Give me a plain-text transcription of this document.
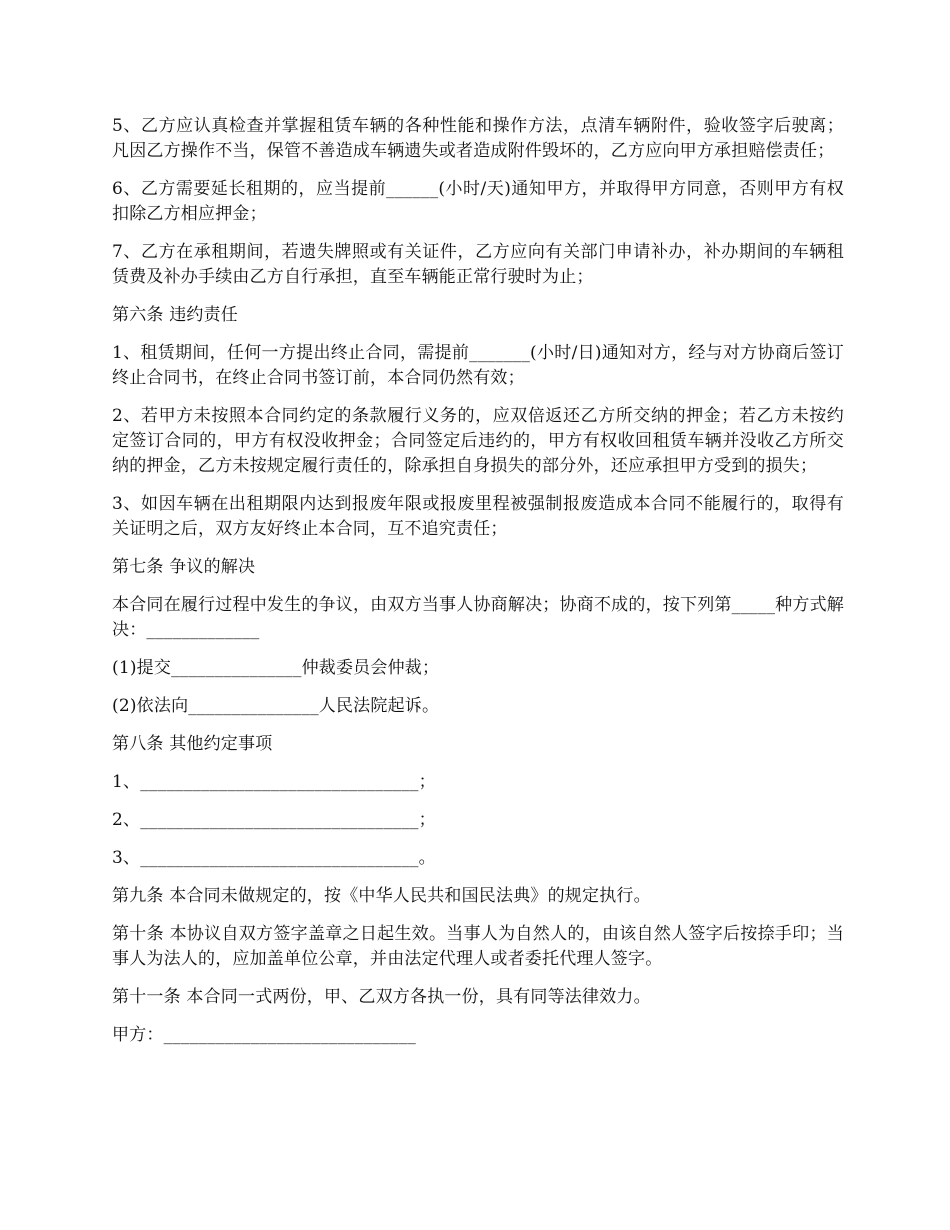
5、乙方应认真检查并掌握租赁车辆的各种性能和操作方法，点清车辆附件，验收签字后驶离；凡因乙方操作不当，保管不善造成车辆遗失或者造成附件毁坏的，乙方应向甲方承担赔偿责任；

6、乙方需要延长租期的，应当提前______(小时/天)通知甲方，并取得甲方同意，否则甲方有权扣除乙方相应押金；

7、乙方在承租期间，若遗失牌照或有关证件，乙方应向有关部门申请补办，补办期间的车辆租赁费及补办手续由乙方自行承担，直至车辆能正常行驶时为止；

第六条 违约责任

1、租赁期间，任何一方提出终止合同，需提前_______(小时/日)通知对方，经与对方协商后签订终止合同书，在终止合同书签订前，本合同仍然有效；

2、若甲方未按照本合同约定的条款履行义务的，应双倍返还乙方所交纳的押金；若乙方未按约定签订合同的，甲方有权没收押金；合同签定后违约的，甲方有权收回租赁车辆并没收乙方所交纳的押金，乙方未按规定履行责任的，除承担自身损失的部分外，还应承担甲方受到的损失；

3、如因车辆在出租期限内达到报废年限或报废里程被强制报废造成本合同不能履行的，取得有关证明之后，双方友好终止本合同，互不追究责任；

第七条 争议的解决

本合同在履行过程中发生的争议，由双方当事人协商解决；协商不成的，按下列第_____种方式解决：_____________

(1)提交_______________仲裁委员会仲裁；

(2)依法向_______________人民法院起诉。

第八条 其他约定事项

1、________________________________；

2、________________________________；

3、________________________________。

第九条 本合同未做规定的，按《中华人民共和国民法典》的规定执行。

第十条 本协议自双方签字盖章之日起生效。当事人为自然人的，由该自然人签字后按捺手印；当事人为法人的，应加盖单位公章，并由法定代理人或者委托代理人签字。

第十一条 本合同一式两份，甲、乙双方各执一份，具有同等法律效力。

甲方：_____________________________
